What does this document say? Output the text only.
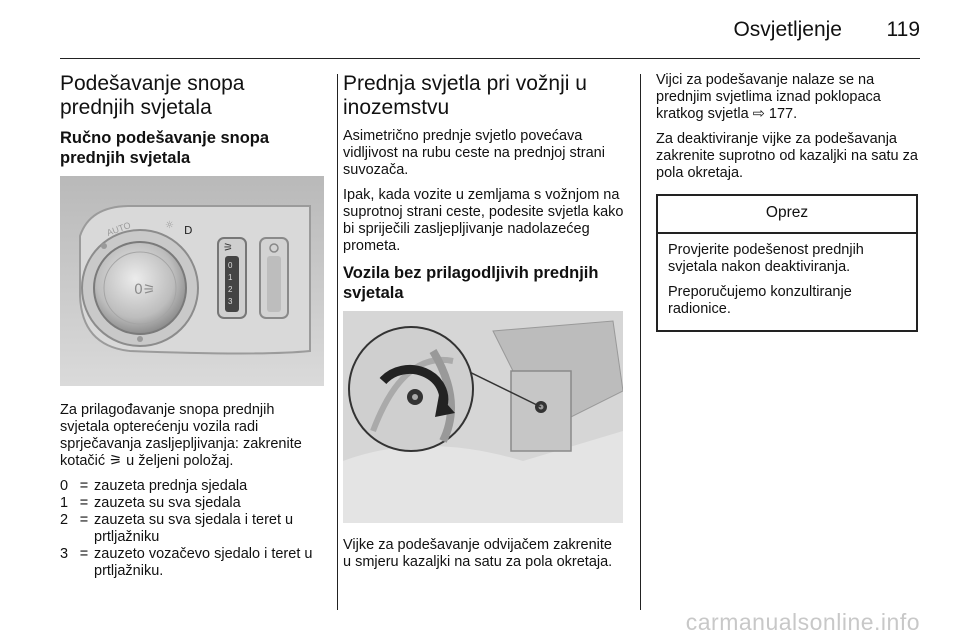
Osvjetljenje 119
Podešavanje snopa prednjih svjetala
Ručno podešavanje snopa prednjih svjetala
0⚞
AUTO	☼ D
⚞
0
1
2
3

Za prilagođavanje snopa prednjih svjetala opterećenju vozila radi sprječavanja zasljepljivanja: zakrenite kotačić ⚞ u željeni položaj.

0 = zauzeta prednja sjedala
1 = zauzeta su sva sjedala
2 = zauzeta su sva sjedala i teret u prtljažniku
3 = zauzeto vozačevo sjedalo i teret u prtljažniku.
Prednja svjetla pri vožnji u inozemstvu

Asimetrično prednje svjetlo povećava vidljivost na rubu ceste na prednjoj strani suvozača.

Ipak, kada vozite u zemljama s vožnjom na suprotnoj strani ceste, podesite svjetla kako bi spriječili zasljepljivanje nadolazećeg prometa.

Vozila bez prilagodljivih prednjih svjetala

Vijke za podešavanje odvijačem zakrenite u smjeru kazaljki na satu za pola okretaja.

Vijci za podešavanje nalaze se na prednjim svjetlima iznad poklopaca kratkog svjetla ⇨ 177.

Za deaktiviranje vijke za podešavanja zakrenite suprotno od kazaljki na satu za pola okretaja.

Oprez

Provjerite podešenost prednjih svjetala nakon deaktiviranja.

Preporučujemo konzultiranje radionice.

carmanualsonline.info
